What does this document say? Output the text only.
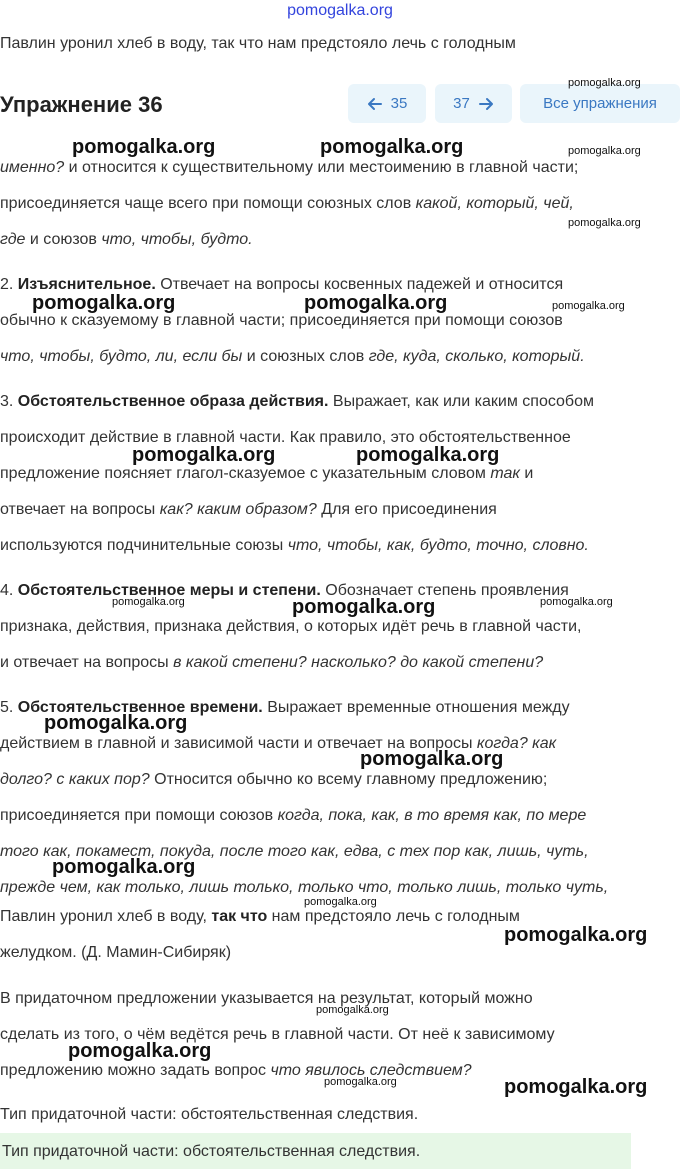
pomogalka.org
Павлин уронил хлеб в воду, так что нам предстояло лечь с голодным
Упражнение 36	35	37	Все упражнения
именно? и относится к существительному или местоимению в главной части;
присоединяется чаще всего при помощи союзных слов какой, который, чей,
где и союзов что, чтобы, будто.
2. Изъяснительное. Отвечает на вопросы косвенных падежей и относится
обычно к сказуемому в главной части; присоединяется при помощи союзов
что, чтобы, будто, ли, если бы и союзных слов где, куда, сколько, который.
3. Обстоятельственное образа действия. Выражает, как или каким способом
происходит действие в главной части. Как правило, это обстоятельственное
предложение поясняет глагол-сказуемое с указательным словом так и
отвечает на вопросы как? каким образом? Для его присоединения
используются подчинительные союзы что, чтобы, как, будто, точно, словно.
4. Обстоятельственное меры и степени. Обозначает степень проявления
признака, действия, признака действия, о которых идёт речь в главной части,
и отвечает на вопросы в какой степени? насколько? до какой степени?
5. Обстоятельственное времени. Выражает временные отношения между
действием в главной и зависимой части и отвечает на вопросы когда? как
долго? с каких пор? Относится обычно ко всему главному предложению;
присоединяется при помощи союзов когда, пока, как, в то время как, по мере
того как, покамест, покуда, после того как, едва, с тех пор как, лишь, чуть,
прежде чем, как только, лишь только, только что, только лишь, только чуть,
Павлин уронил хлеб в воду, так что нам предстояло лечь с голодным
желудком. (Д. Мамин-Сибиряк)
В придаточном предложении указывается на результат, который можно
сделать из того, о чём ведётся речь в главной части. От неё к зависимому
предложению можно задать вопрос что явилось следствием?
Тип придаточной части: обстоятельственная следствия.
Тип придаточной части: обстоятельственная следствия.
pomogalka.org	pomogalka.org
pomogalka.org	pomogalka.org
pomogalka.org	pomogalka.org
pomogalka.org
pomogalka.org
pomogalka.org
pomogalka.org
pomogalka.org
pomogalka.org
pomogalka.org
pomogalka.org
pomogalka.org
pomogalka.org
pomogalka.org
pomogalka.org	pomogalka.org
pomogalka.org
pomogalka.org
pomogalka.org
